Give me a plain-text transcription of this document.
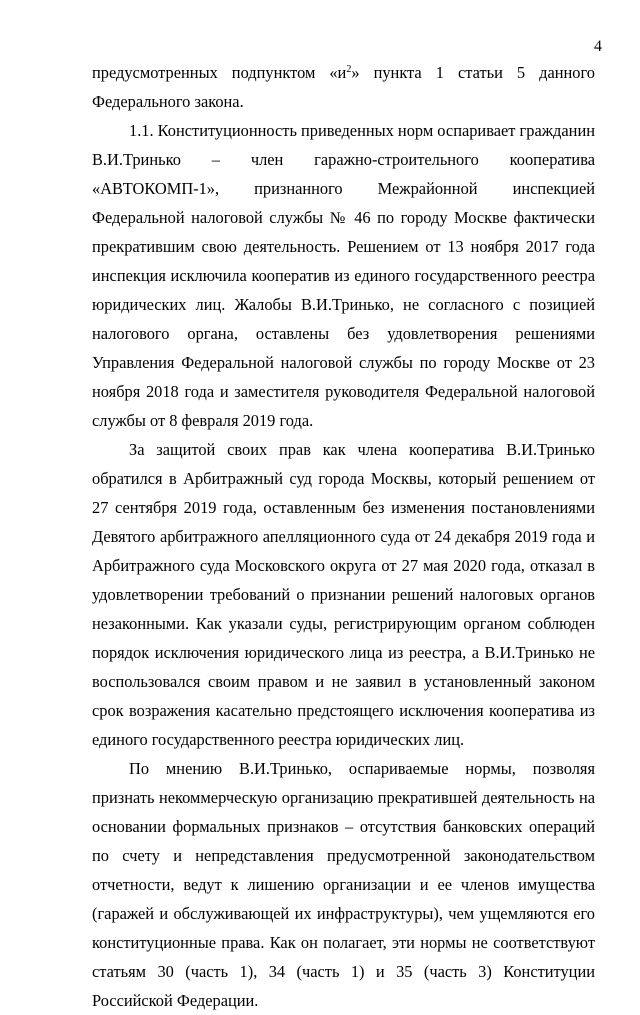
4

предусмотренных подпунктом «$и^2$» пункта 1 статьи 5 данного Федерального закона.

1.1. Конституционность приведенных норм оспаривает гражданин В.И.Тринько – член гаражно-строительного кооператива «АВТОКОМП-1», признанного Межрайонной инспекцией Федеральной налоговой службы № 46 по городу Москве фактически прекратившим свою деятельность. Решением от 13 ноября 2017 года инспекция исключила кооператив из единого государственного реестра юридических лиц. Жалобы В.И.Тринько, не согласного с позицией налогового органа, оставлены без удовлетворения решениями Управления Федеральной налоговой службы по городу Москве от 23 ноября 2018 года и заместителя руководителя Федеральной налоговой службы от 8 февраля 2019 года.

За защитой своих прав как члена кооператива В.И.Тринько обратился в Арбитражный суд города Москвы, который решением от 27 сентября 2019 года, оставленным без изменения постановлениями Девятого арбитражного апелляционного суда от 24 декабря 2019 года и Арбитражного суда Московского округа от 27 мая 2020 года, отказал в удовлетворении требований о признании решений налоговых органов незаконными. Как указали суды, регистрирующим органом соблюден порядок исключения юридического лица из реестра, а В.И.Тринько не воспользовался своим правом и не заявил в установленный законом срок возражения касательно предстоящего исключения кооператива из единого государственного реестра юридических лиц.

По мнению В.И.Тринько, оспариваемые нормы, позволяя признать некоммерческую организацию прекратившей деятельность на основании формальных признаков – отсутствия банковских операций по счету и непредставления предусмотренной законодательством отчетности, ведут к лишению организации и ее членов имущества (гаражей и обслуживающей их инфраструктуры), чем ущемляются его конституционные права. Как он полагает, эти нормы не соответствуют статьям 30 (часть 1), 34 (часть 1) и 35 (часть 3) Конституции Российской Федерации.
